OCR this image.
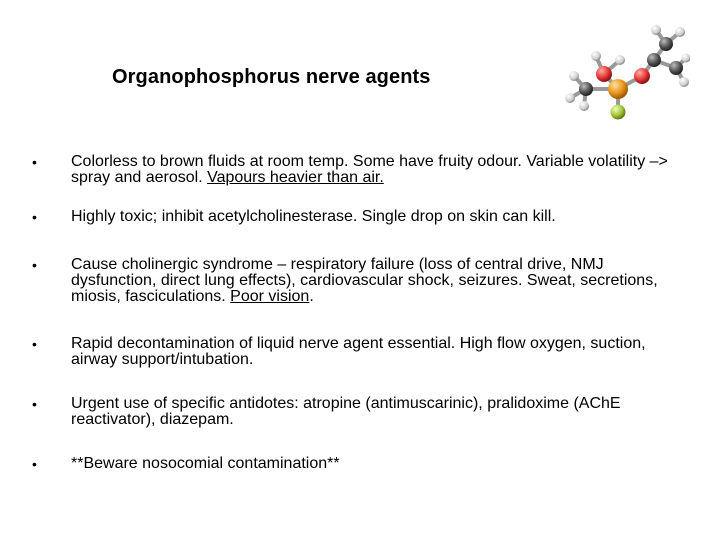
Organophosphorus nerve agents
• Colorless to brown fluids at room temp. Some have fruity odour. Variable volatility –> spray and aerosol. Vapours heavier than air.
• Highly toxic; inhibit acetylcholinesterase. Single drop on skin can kill.
• Cause cholinergic syndrome – respiratory failure (loss of central drive, NMJ dysfunction, direct lung effects), cardiovascular shock, seizures. Sweat, secretions, miosis, fasciculations. Poor vision.
• Rapid decontamination of liquid nerve agent essential. High flow oxygen, suction, airway support/intubation.
• Urgent use of specific antidotes: atropine (antimuscarinic), pralidoxime (AChE reactivator), diazepam.
• **Beware nosocomial contamination**
